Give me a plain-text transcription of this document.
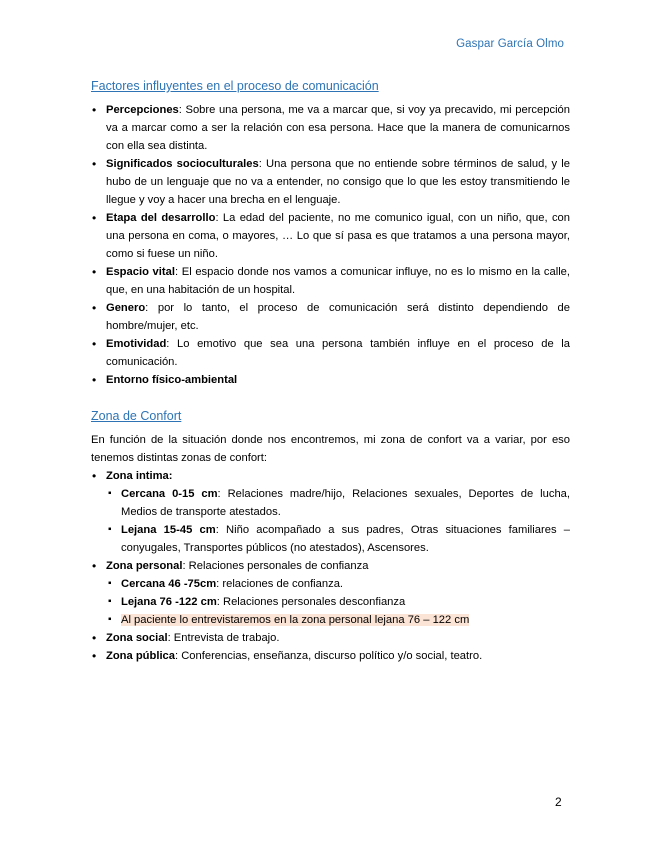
Gaspar García Olmo
Factores influyentes en el proceso de comunicación
• Percepciones: Sobre una persona, me va a marcar que, si voy ya precavido, mi percepción va a marcar como a ser la relación con esa persona. Hace que la manera de comunicarnos con ella sea distinta.
• Significados socioculturales: Una persona que no entiende sobre términos de salud, y le hubo de un lenguaje que no va a entender, no consigo que lo que les estoy transmitiendo le llegue y voy a hacer una brecha en el lenguaje.
• Etapa del desarrollo: La edad del paciente, no me comunico igual, con un niño, que, con una persona en coma, o mayores, … Lo que sí pasa es que tratamos a una persona mayor, como si fuese un niño.
• Espacio vital: El espacio donde nos vamos a comunicar influye, no es lo mismo en la calle, que, en una habitación de un hospital.
• Genero: por lo tanto, el proceso de comunicación será distinto dependiendo de hombre/mujer, etc.
• Emotividad: Lo emotivo que sea una persona también influye en el proceso de la comunicación.
• Entorno físico-ambiental
Zona de Confort

En función de la situación donde nos encontremos, mi zona de confort va a variar, por eso tenemos distintas zonas de confort:

• Zona intima:
▪ Cercana 0-15 cm: Relaciones madre/hijo, Relaciones sexuales, Deportes de lucha, Medios de transporte atestados.
▪ Lejana 15-45 cm: Niño acompañado a sus padres, Otras situaciones familiares – conyugales, Transportes públicos (no atestados), Ascensores.
• Zona personal: Relaciones personales de confianza
▪ Cercana 46 -75cm: relaciones de confianza.
▪ Lejana 76 -122 cm: Relaciones personales desconfianza
▪ Al paciente lo entrevistaremos en la zona personal lejana 76 – 122 cm
• Zona social: Entrevista de trabajo.
• Zona pública: Conferencias, enseñanza, discurso político y/o social, teatro.
2
